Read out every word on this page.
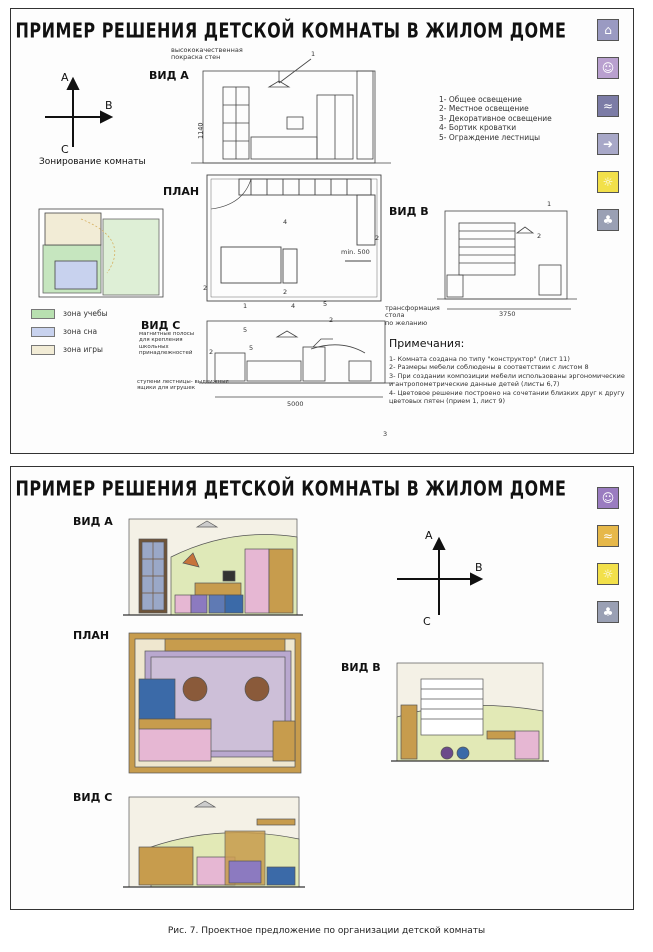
ПРИМЕР РЕШЕНИЯ ДЕТСКОЙ КОМНАТЫ В ЖИЛОМ ДОМЕ	⌂
☺
≈
➜
☼
♣
ВИД А
высококачественная
покраска стен	1
1140
Зонирование комнаты
ПЛАН
min. 500
4
2
2
2
2
5
ВИД В
1
2
3750
трансформация
стола
по желанию
1- Общее освещение
2- Местное освещение
3- Декоративное освещение
4- Бортик кроватки
5- Ограждение лестницы
А
В
С
зона учебы
зона сна
зона игры
ВИД С
магнитные полосы
для крепления
школьных
принадлежностей
ступени лестницы- выдвижные
ящики для игрушек
1	4
5
5
2
3
5000
Примечания:
1- Комната создана по типу "конструктор" (лист 11)
2- Размеры мебели соблюдены в соответствии с листом 8
3- При создании композиции мебели использованы эргономические и антропометрические данные детей (листы 6,7)
4- Цветовое решение построено на сочетании близких друг к другу цветовых пятен (прием 1, лист 9)
ПРИМЕР РЕШЕНИЯ ДЕТСКОЙ КОМНАТЫ В ЖИЛОМ ДОМЕ	☺
≈
☼
♣
ВИД А
ПЛАН
ВИД В
ВИД С
А
В
С
Рис. 7. Проектное предложение по организации детской комнаты
